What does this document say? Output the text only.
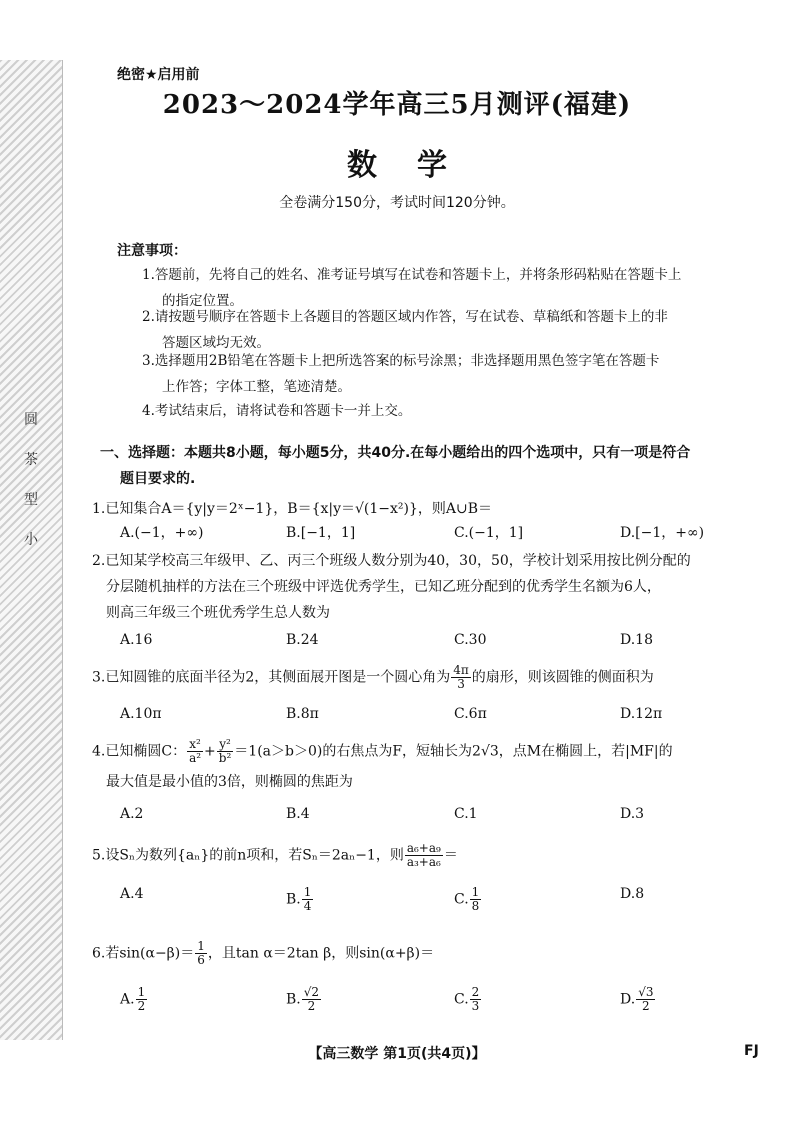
圆
茶
型
小
绝密★启用前
2023～2024学年高三5月测评(福建)
数学
全卷满分150分，考试时间120分钟。
注意事项：
1.答题前，先将自己的姓名、准考证号填写在试卷和答题卡上，并将条形码粘贴在答题卡上
的指定位置。
2.请按题号顺序在答题卡上各题目的答题区域内作答，写在试卷、草稿纸和答题卡上的非
答题区域均无效。
3.选择题用2B铅笔在答题卡上把所选答案的标号涂黑；非选择题用黑色签字笔在答题卡
上作答；字体工整，笔迹清楚。
4.考试结束后，请将试卷和答题卡一并上交。
一、选择题：本题共8小题，每小题5分，共40分.在每小题给出的四个选项中，只有一项是符合
题目要求的.
1.已知集合A＝{y|y＝2ˣ−1}，B＝{x|y＝√(1−x²)}，则A∪B＝
A.(−1，+∞)	B.[−1，1]	C.(−1，1]	D.[−1，+∞)
2.已知某学校高三年级甲、乙、丙三个班级人数分别为40，30，50，学校计划采用按比例分配的
分层随机抽样的方法在三个班级中评选优秀学生，已知乙班分配到的优秀学生名额为6人，
则高三年级三个班优秀学生总人数为
A.16	B.24	C.30	D.18
3.已知圆锥的底面半径为2，其侧面展开图是一个圆心角为 $\frac{4\pi}{3}$ 的扇形，则该圆锥的侧面积为
A.10π	B.8π	C.6π	D.12π
4.已知椭圆C： $\frac{\text{x²}}{\text{a²}} + \frac{\text{y²}}{\text{b²}} =1(a>b>0)$的右焦点为F，短轴长为2√3，点M在椭圆上，若|MF|的
最大值是最小值的3倍，则椭圆的焦距为
A.2	B.4	C.1	D.3
5.设Sₙ为数列{aₙ}的前n项和，若Sₙ＝2aₙ−1，则 $\frac{\text{a₆+a₉}}{\text{a₃+a₆}}$ ＝
A.4	B. $\frac{1}{4}$	C. $\frac{1}{8}$	D.8
6.若$\sin(\alpha-\beta)= \frac{1}{6}$ ，且tan α＝2tan β，则sin(α+β)＝
A. $\frac{1}{2}$	B. $\frac{√2}{2}$	C. $\frac{2}{3}$	D. $\frac{√3}{2}$
【高三数学 第1页(共4页)】	FJ
